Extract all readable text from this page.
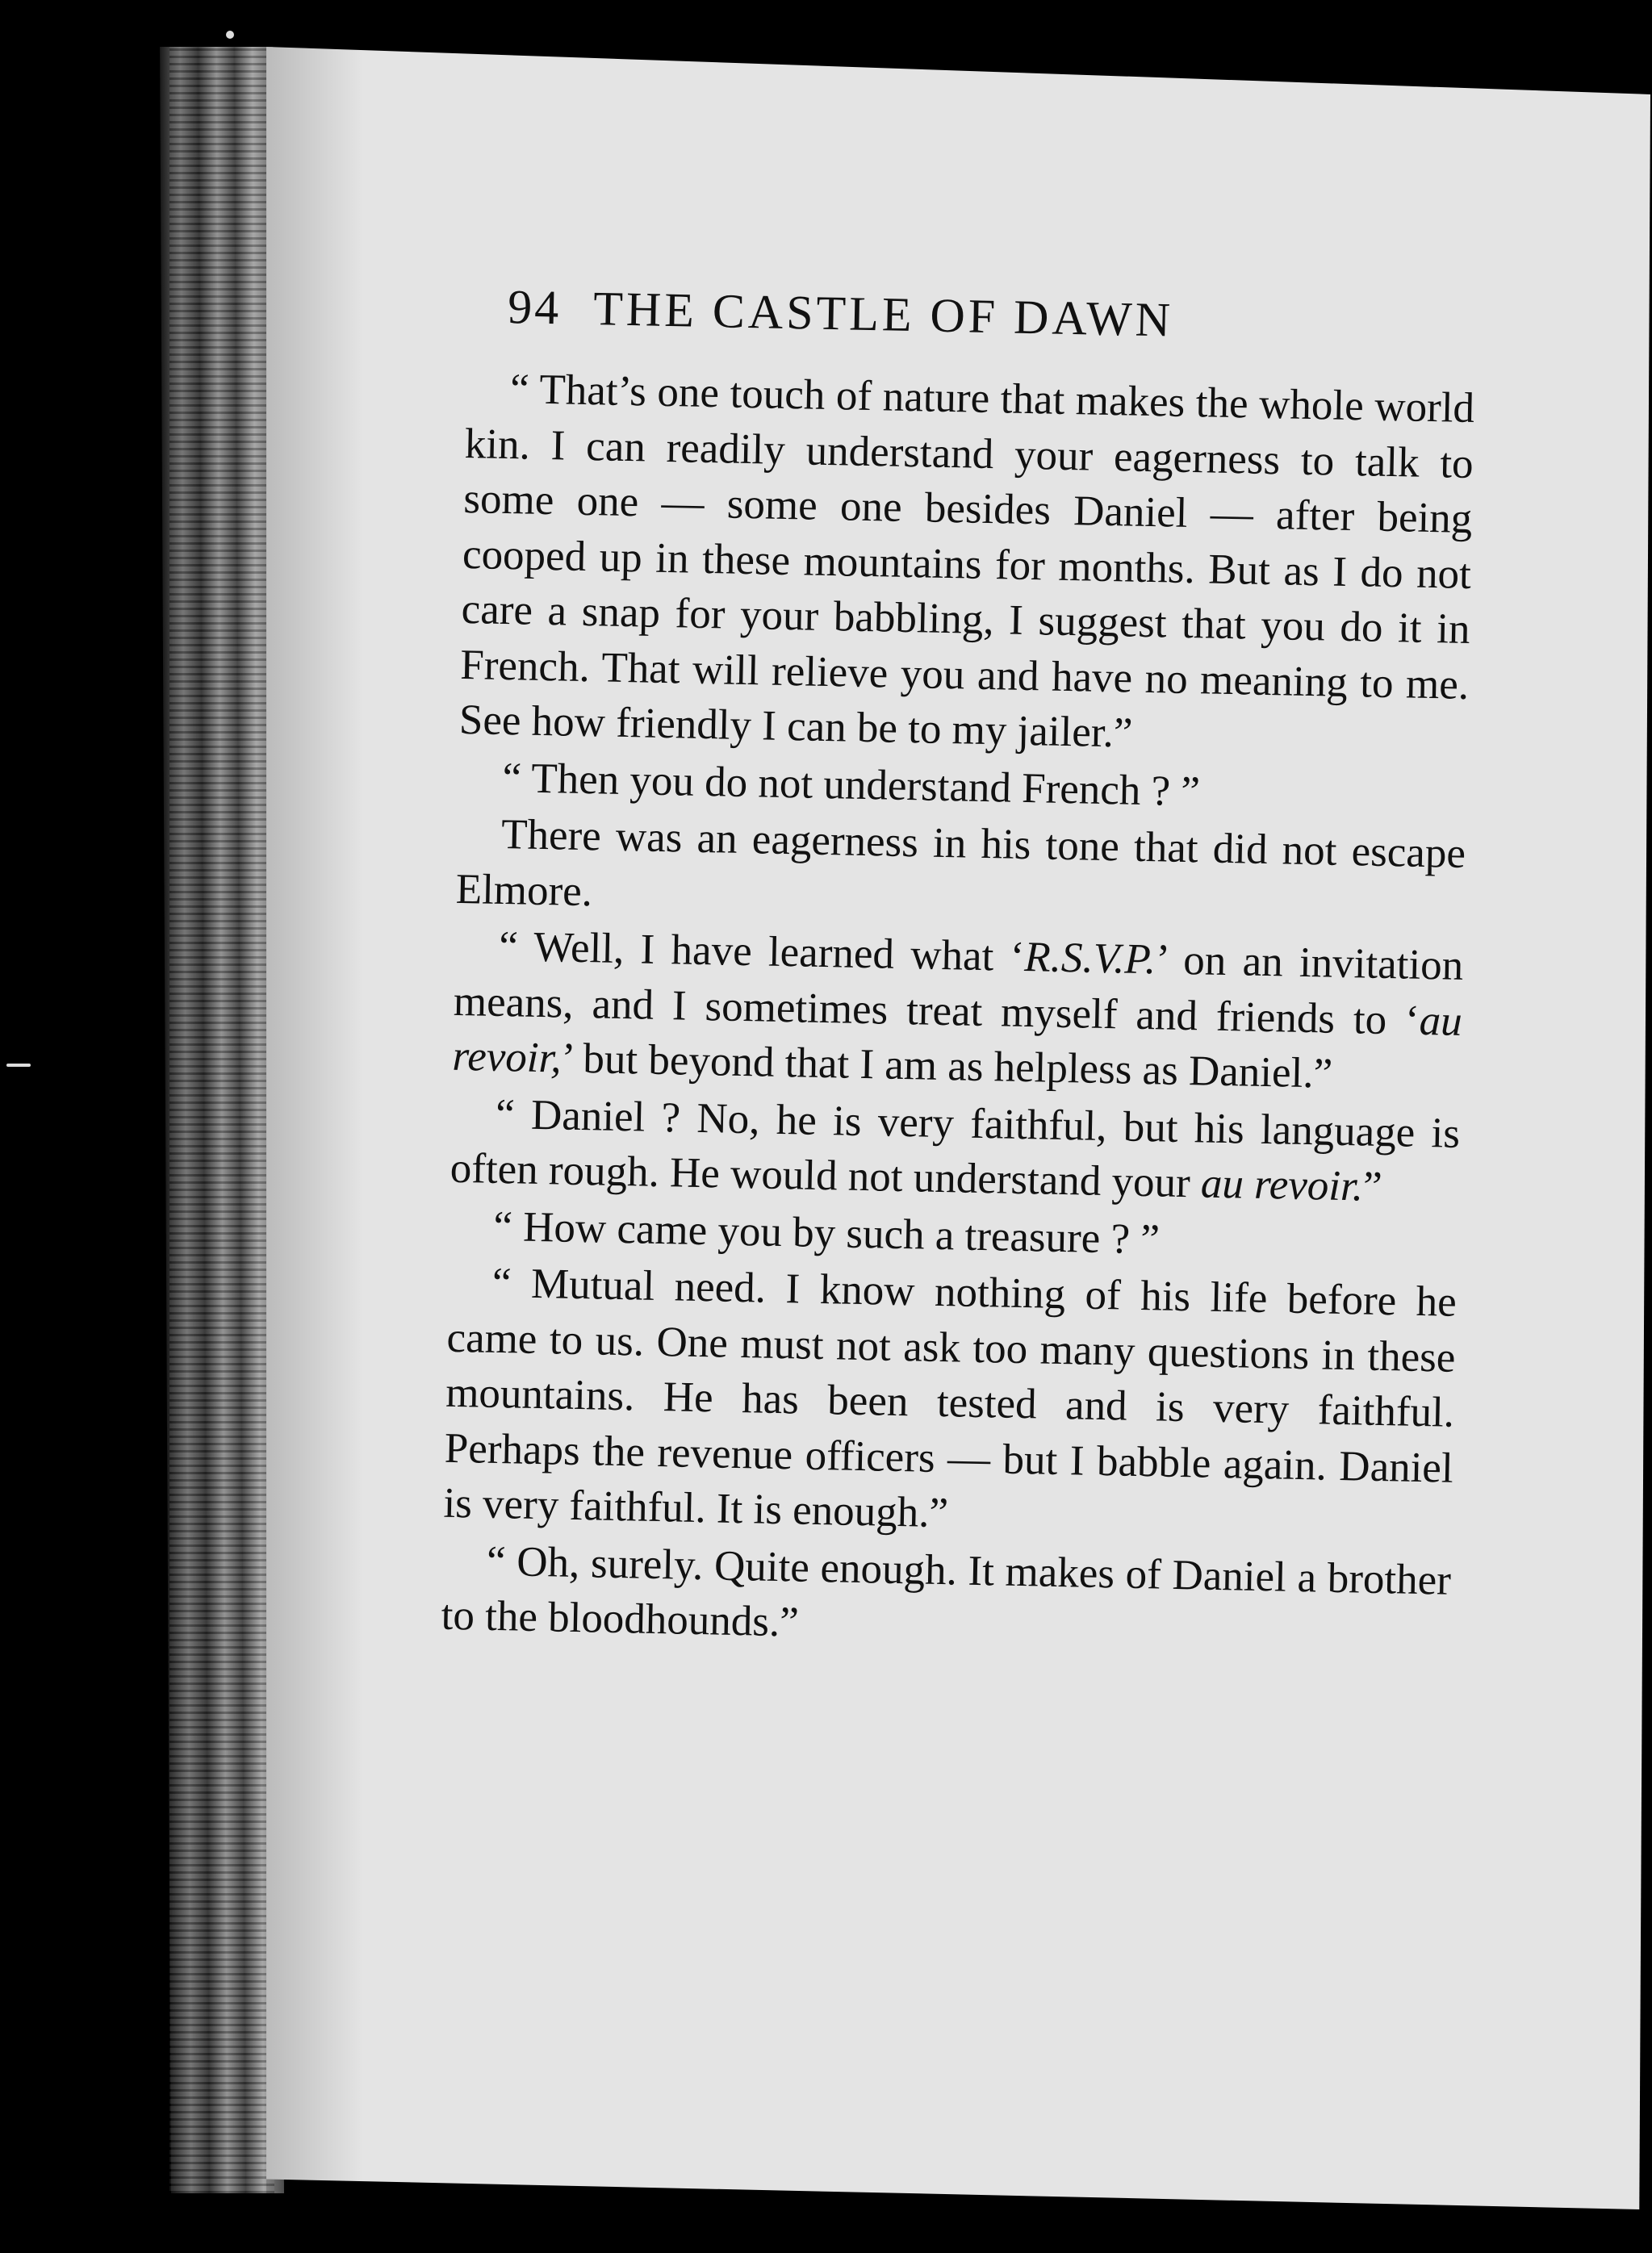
94 THE CASTLE OF DAWN

“ That’s one touch of nature that makes the whole world kin. I can readily understand your eagerness to talk to some one — some one besides Daniel — after being cooped up in these mountains for months. But as I do not care a snap for your babbling, I suggest that you do it in French. That will relieve you and have no meaning to me. See how friendly I can be to my jailer.”

“ Then you do not understand French ? ”

There was an eagerness in his tone that did not escape Elmore.

“ Well, I have learned what ‘R.S.V.P.’ on an invitation means, and I sometimes treat myself and friends to ‘au revoir,’ but beyond that I am as helpless as Daniel.”

“ Daniel ? No, he is very faithful, but his language is often rough. He would not understand your au revoir.”

“ How came you by such a treasure ? ”

“ Mutual need. I know nothing of his life before he came to us. One must not ask too many questions in these mountains. He has been tested and is very faithful. Perhaps the revenue officers — but I babble again. Daniel is very faithful. It is enough.”

“ Oh, surely. Quite enough. It makes of Daniel a brother to the bloodhounds.”
